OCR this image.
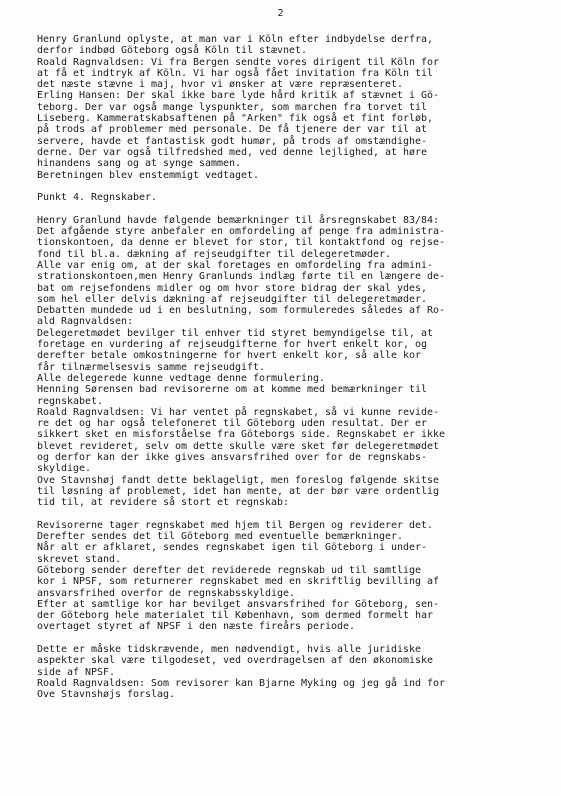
2
Henry Granlund oplyste, at man var i Köln efter indbydelse derfra,
derfor indbød Göteborg også Köln til stævnet.
Roald Ragnvaldsen: Vi fra Bergen sendte vores dirigent til Köln for
at få et indtryk af Köln. Vi har også fået invitation fra Köln til
det næste stævne i maj, hvor vi ønsker at være repræsenteret.
Erling Hansen: Der skal ikke bare lyde hård kritik af stævnet i Gö-
teborg. Der var også mange lyspunkter, som marchen fra torvet til
Liseberg. Kammeratskabsaftenen på "Arken" fik også et fint forløb,
på trods af problemer med personale. De få tjenere der var til at
servere, havde et fantastisk godt humør, på trods af omstændighe-
derne. Der var også tilfredshed med, ved denne lejlighed, at høre
hinandens sang og at synge sammen.
Beretningen blev enstemmigt vedtaget.
Punkt 4. Regnskaber.
Henry Granlund havde følgende bemærkninger til årsregnskabet 83/84:
Det afgående styre anbefaler en omfordeling af penge fra administra-
tionskontoen, da denne er blevet for stor, til kontaktfond og rejse-
fond til bl.a. dækning af rejseudgifter til delegeretmøder.
Alle var enig om, at der skal foretages en omfordeling fra admini-
strationskontoen,men Henry Granlunds indlæg førte til en længere de-
bat om rejsefondens midler og om hvor store bidrag der skal ydes,
som hel eller delvis dækning af rejseudgifter til delegeretmøder.
Debatten mundede ud i en beslutning, som formuleredes således af Ro-
ald Ragnvaldsen:
Delegeretmødet bevilger til enhver tid styret bemyndigelse til, at
foretage en vurdering af rejseudgifterne for hvert enkelt kor, og
derefter betale omkostningerne for hvert enkelt kor, så alle kor
får tilnærmelsesvis samme rejseudgift.
Alle delegerede kunne vedtage denne formulering.
Henning Sørensen bad revisorerne om at komme med bemærkninger til
regnskabet.
Roald Ragnvaldsen: Vi har ventet på regnskabet, så vi kunne revide-
re det og har også telefoneret til Göteborg uden resultat. Der er
sikkert sket en misforståelse fra Göteborgs side. Regnskabet er ikke
blevet revideret, selv om dette skulle være sket før delegeretmødet
og derfor kan der ikke gives ansvarsfrihed over for de regnskabs-
skyldige.
Ove Stavnshøj fandt dette beklageligt, men foreslog følgende skitse
til løsning af problemet, idet han mente, at der bør være ordentlig
tid til, at revidere så stort et regnskab:
Revisorerne tager regnskabet med hjem til Bergen og reviderer det.
Derefter sendes det til Göteborg med eventuelle bemærkninger.
Når alt er afklaret, sendes regnskabet igen til Göteborg i under-
skrevet stand.
Göteborg sender derefter det reviderede regnskab ud til samtlige
kor i NPSF, som returnerer regnskabet med en skriftlig bevilling af
ansvarsfrihed overfor de regnskabsskyldige.
Efter at samtlige kor har bevilget ansvarsfrihed for Göteborg, sen-
der Göteborg hele materialet til København, som dermed formelt har
overtaget styret af NPSF i den næste fireårs periode.
Dette er måske tidskrævende, men nødvendigt, hvis alle juridiske
aspekter skal være tilgodeset, ved overdragelsen af den økonomiske
side af NPSF.
Roald Ragnvaldsen: Som revisorer kan Bjarne Myking og jeg gå ind for
Ove Stavnshøjs forslag.
